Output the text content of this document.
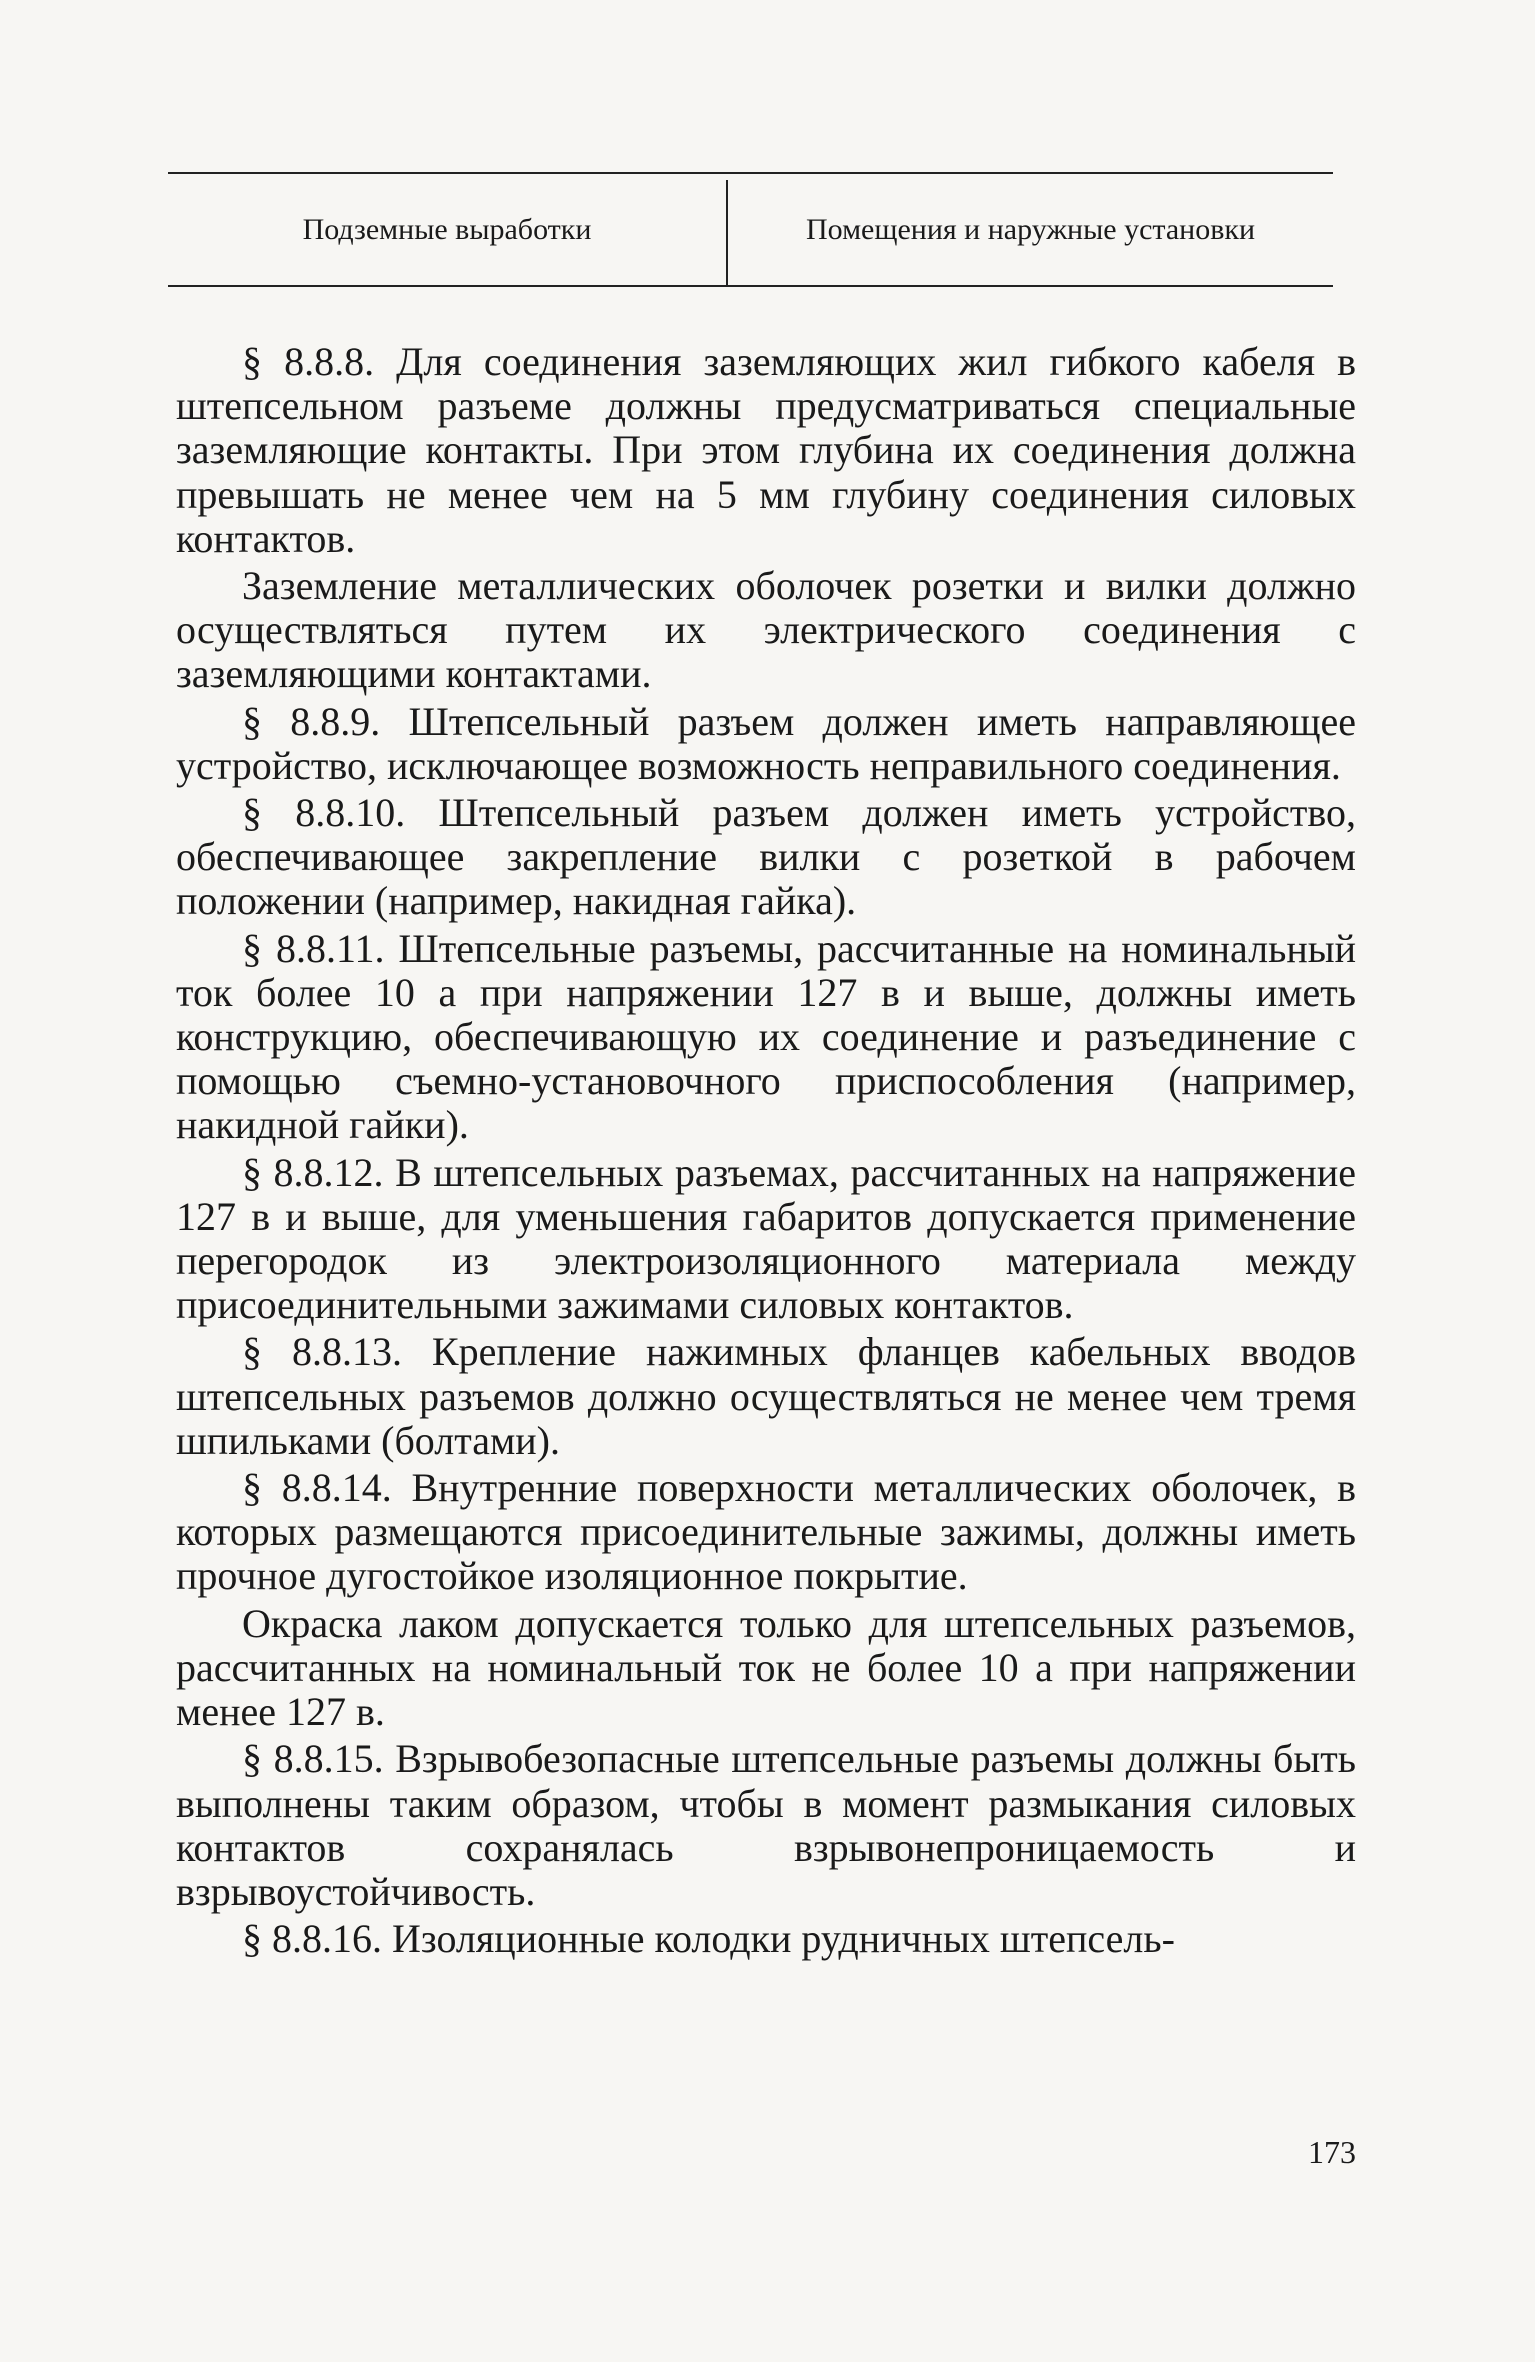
Подземные выработки	Помещения и наружные установки

§ 8.8.8. Для соединения заземляющих жил гибкого кабеля в штепсельном разъеме должны предусматриваться специальные заземляющие контакты. При этом глубина их соединения должна превышать не менее чем на 5 мм глубину соединения силовых контактов.

Заземление металлических оболочек розетки и вилки должно осуществляться путем их электрического соединения с заземляющими контактами.

§ 8.8.9. Штепсельный разъем должен иметь направляющее устройство, исключающее возможность неправильного соединения.

§ 8.8.10. Штепсельный разъем должен иметь устройство, обеспечивающее закрепление вилки с розеткой в рабочем положении (например, накидная гайка).

§ 8.8.11. Штепсельные разъемы, рассчитанные на номинальный ток более 10 а при напряжении 127 в и выше, должны иметь конструкцию, обеспечивающую их соединение и разъединение с помощью съемно-установочного приспособления (например, накидной гайки).

§ 8.8.12. В штепсельных разъемах, рассчитанных на напряжение 127 в и выше, для уменьшения габаритов допускается применение перегородок из электроизоляционного материала между присоединительными зажимами силовых контактов.

§ 8.8.13. Крепление нажимных фланцев кабельных вводов штепсельных разъемов должно осуществляться не менее чем тремя шпильками (болтами).

§ 8.8.14. Внутренние поверхности металлических оболочек, в которых размещаются присоединительные зажимы, должны иметь прочное дугостойкое изоляционное покрытие.

Окраска лаком допускается только для штепсельных разъемов, рассчитанных на номинальный ток не более 10 а при напряжении менее 127 в.

§ 8.8.15. Взрывобезопасные штепсельные разъемы должны быть выполнены таким образом, чтобы в момент размыкания силовых контактов сохранялась взрывонепроницаемость и взрывоустойчивость.

§ 8.8.16. Изоляционные колодки рудничных штепсель-

173
